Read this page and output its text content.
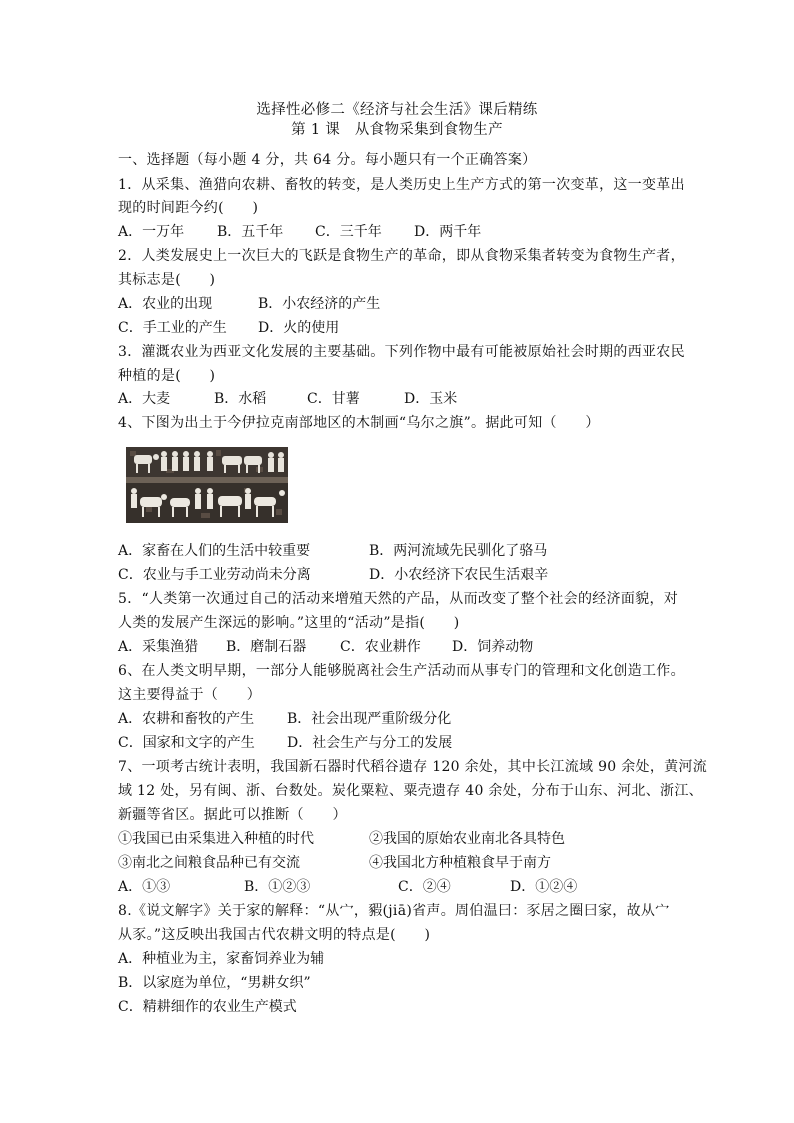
选择性必修二《经济与社会生活》课后精练
第 1 课　从食物采集到食物生产
一、选择题（每小题 4 分，共 64 分。每小题只有一个正确答案）
1．从采集、渔猎向农耕、畜牧的转变，是人类历史上生产方式的第一次变革，这一变革出
现的时间距今约(　　)
A．一万年 B．五千年 C．三千年 D．两千年
2．人类发展史上一次巨大的飞跃是食物生产的革命，即从食物采集者转变为食物生产者，
其标志是(　　)
A．农业的出现	B．小农经济的产生
C．手工业的产生 D．火的使用
3．灌溉农业为西亚文化发展的主要基础。下列作物中最有可能被原始社会时期的西亚农民
种植的是(　　)
A．大麦	B．水稻	C．甘薯	D．玉米
4、下图为出土于今伊拉克南部地区的木制画“乌尔之旗”。据此可知（　　）
A．家畜在人们的生活中较重要	B．两河流域先民驯化了骆马
C．农业与手工业劳动尚未分离	D．小农经济下农民生活艰辛
5．“人类第一次通过自己的活动来增殖天然的产品，从而改变了整个社会的经济面貌，对
人类的发展产生深远的影响。”这里的“活动”是指(　　)
A．采集渔猎 B．磨制石器 C．农业耕作 D．饲养动物
6、在人类文明早期，一部分人能够脱离社会生产活动而从事专门的管理和文化创造工作。
这主要得益于（　　）
A．农耕和畜牧的产生 B．社会出现严重阶级分化
C．国家和文字的产生 D．社会生产与分工的发展
7、一项考古统计表明，我国新石器时代稻谷遗存 120 余处，其中长江流域 90 余处，黄河流
域 12 处，另有闽、浙、台数处。炭化粟粒、粟壳遗存 40 余处，分布于山东、河北、浙江、
新疆等省区。据此可以推断（　　）
①我国已由采集进入种植的时代	②我国的原始农业南北各具特色
③南北之间粮食品种已有交流	④我国北方种植粮食早于南方
A．①③	B．①②③	C．②④	D．①②④
8.《说文解字》关于家的解释：“从宀，豭(jiā)省声。周伯温曰：豕居之圈曰家，故从宀
从豕。”这反映出我国古代农耕文明的特点是(　　)
A．种植业为主，家畜饲养业为辅
B．以家庭为单位，“男耕女织”
C．精耕细作的农业生产模式
